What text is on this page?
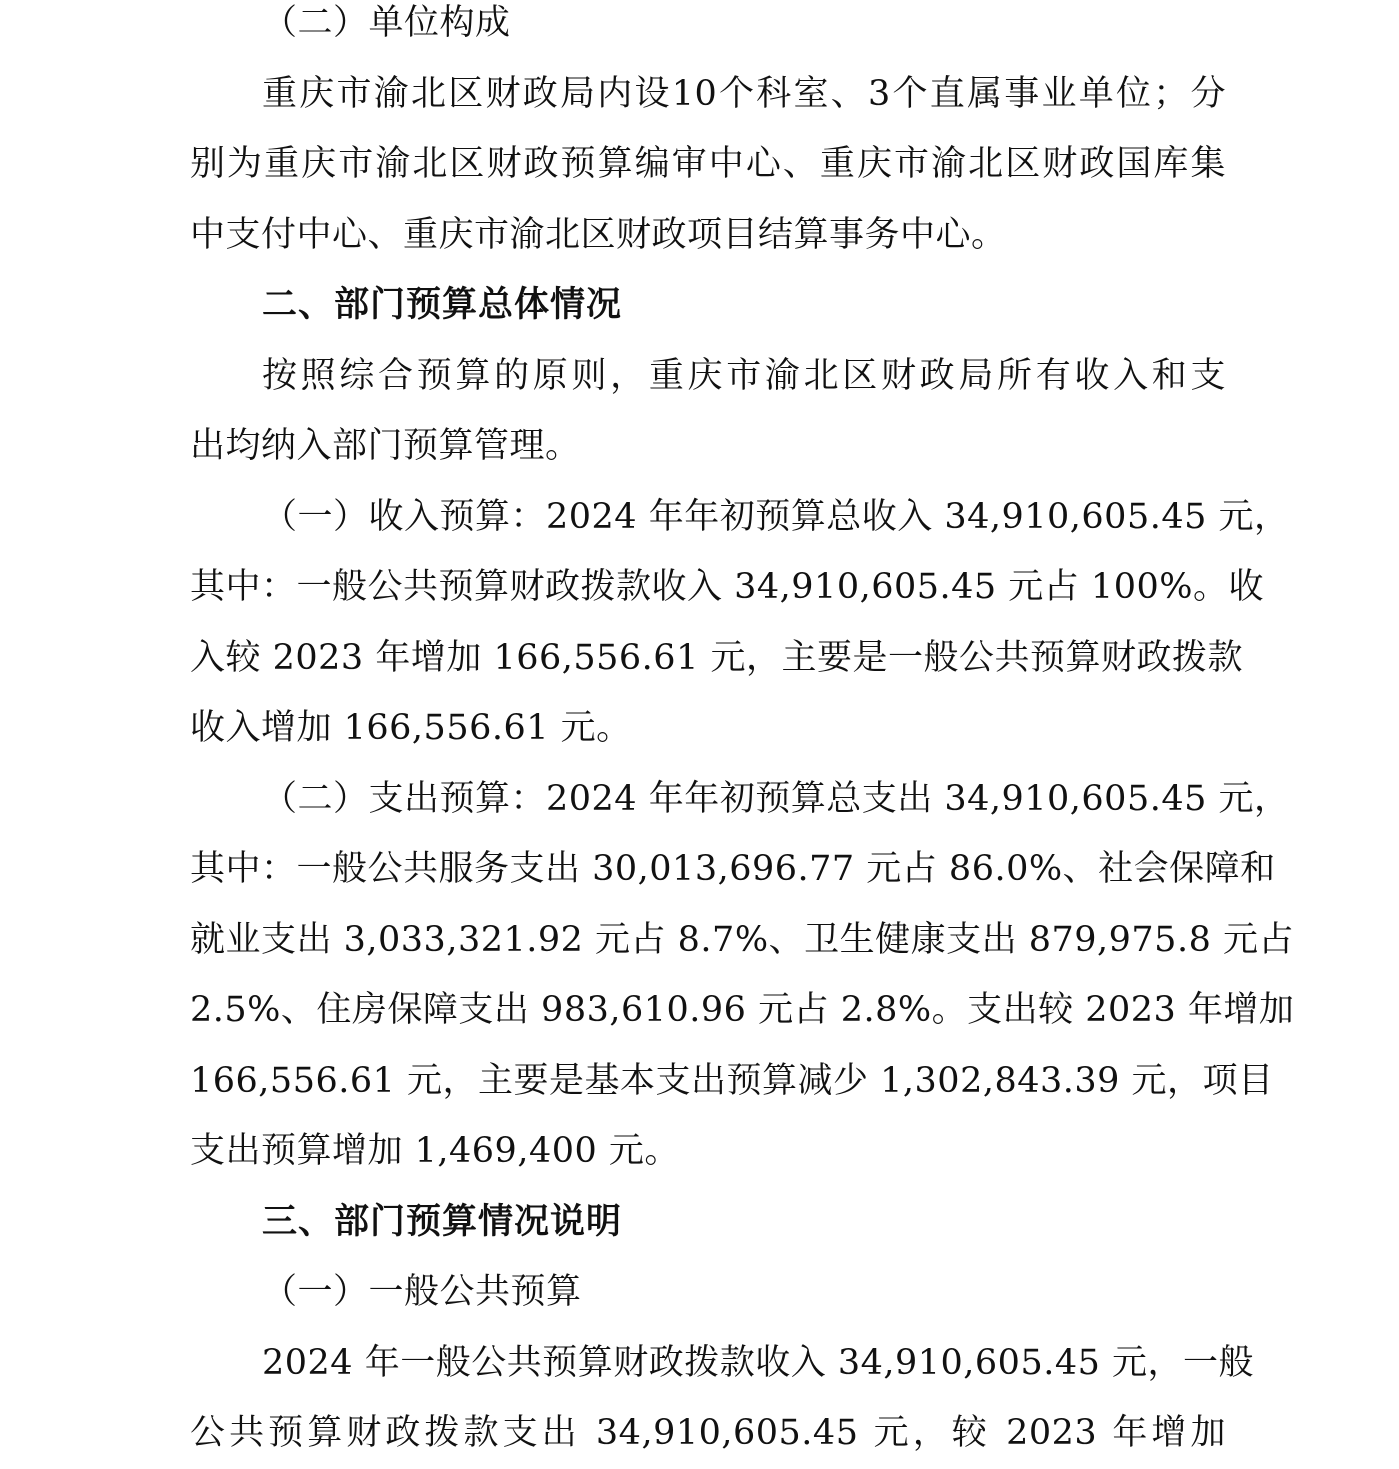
（二）单位构成
重庆市渝北区财政局内设10个科室、3个直属事业单位；分
别为重庆市渝北区财政预算编审中心、重庆市渝北区财政国库集
中支付中心、重庆市渝北区财政项目结算事务中心。
二、部门预算总体情况
按照综合预算的原则，重庆市渝北区财政局所有收入和支
出均纳入部门预算管理。
（一）收入预算：2024 年年初预算总收入 34,910,605.45 元，
其中：一般公共预算财政拨款收入 34,910,605.45 元占 100%。收
入较 2023 年增加 166,556.61 元，主要是一般公共预算财政拨款
收入增加 166,556.61 元。
（二）支出预算：2024 年年初预算总支出 34,910,605.45 元，
其中：一般公共服务支出 30,013,696.77 元占 86.0%、社会保障和
就业支出 3,033,321.92 元占 8.7%、卫生健康支出 879,975.8 元占
2.5%、住房保障支出 983,610.96 元占 2.8%。支出较 2023 年增加
166,556.61 元，主要是基本支出预算减少 1,302,843.39 元，项目
支出预算增加 1,469,400 元。
三、部门预算情况说明
（一）一般公共预算
2024 年一般公共预算财政拨款收入 34,910,605.45 元，一般
公共预算财政拨款支出 34,910,605.45 元，较 2023 年增加
